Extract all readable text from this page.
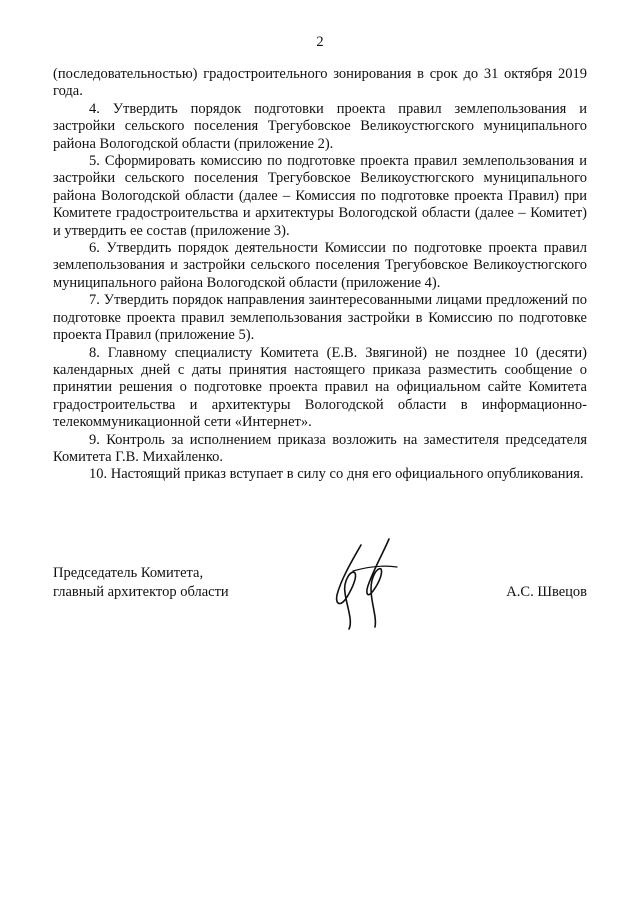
2

(последовательностью) градостроительного зонирования в срок до 31 октября 2019 года.

4. Утвердить порядок подготовки проекта правил землепользования и застройки сельского поселения Трегубовское Великоустюгского муниципального района Вологодской области (приложение 2).

5. Сформировать комиссию по подготовке проекта правил землепользования и застройки сельского поселения Трегубовское Великоустюгского муниципального района Вологодской области (далее – Комиссия по подготовке проекта Правил) при Комитете градостроительства и архитектуры Вологодской области (далее – Комитет) и утвердить ее состав (приложение 3).

6. Утвердить порядок деятельности Комиссии по подготовке проекта правил землепользования и застройки сельского поселения Трегубовское Великоустюгского муниципального района Вологодской области (приложение 4).

7. Утвердить порядок направления заинтересованными лицами предложений по подготовке проекта правил землепользования застройки в Комиссию по подготовке проекта Правил (приложение 5).

8. Главному специалисту Комитета (Е.В. Звягиной) не позднее 10 (десяти) календарных дней с даты принятия настоящего приказа разместить сообщение о принятии решения о подготовке проекта правил на официальном сайте Комитета градостроительства и архитектуры Вологодской области в информационно-телекоммуникационной сети «Интернет».

9. Контроль за исполнением приказа возложить на заместителя председателя Комитета Г.В. Михайленко.

10. Настоящий приказ вступает в силу со дня его официального опубликования.

Председатель Комитета,
главный архитектор области	А.С. Швецов
